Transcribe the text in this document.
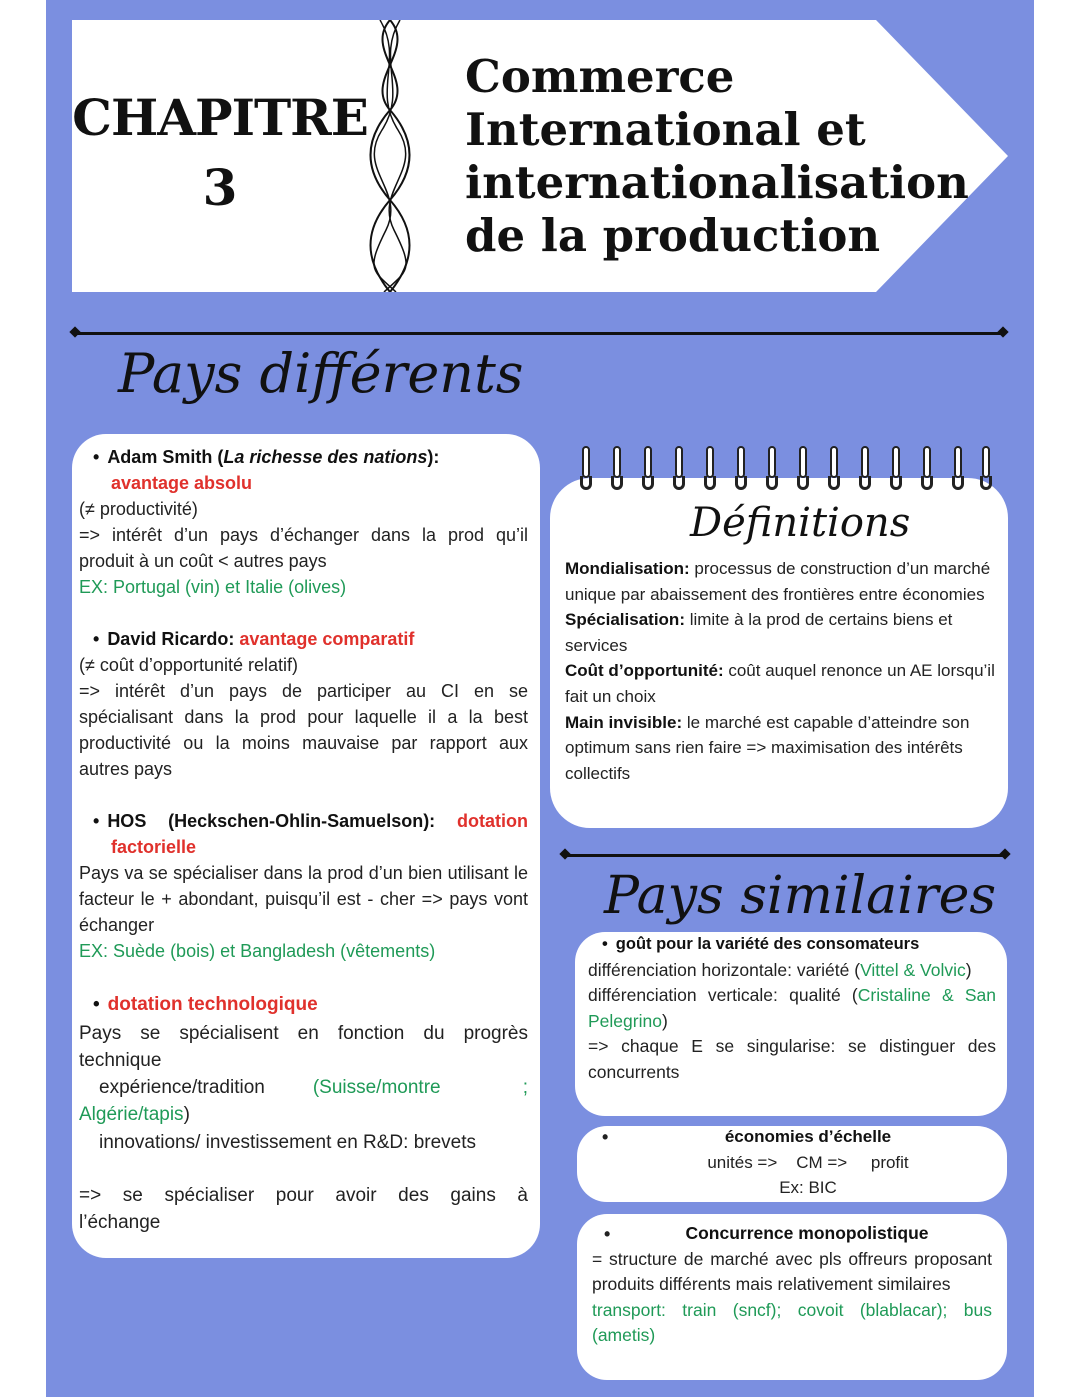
CHAPITRE
3
Commerce
International et
internationalisation
de la production
Pays différents
• Adam Smith (La richesse des nations):
avantage absolu
(≠ productivité)
=> intérêt d’un pays d’échanger dans la prod qu’il produit à un coût < autres pays
EX: Portugal (vin) et Italie (olives)
• David Ricardo: avantage comparatif
(≠ coût d’opportunité relatif)
=> intérêt d’un pays de participer au CI en se spécialisant dans la prod pour laquelle il a la best productivité ou la moins mauvaise par rapport aux autres pays
• HOS (Heckschen-Ohlin-Samuelson): dotation factorielle
Pays va se spécialiser dans la prod d’un bien utilisant le facteur le + abondant, puisqu’il est - cher => pays vont échanger
EX: Suède (bois) et Bangladesh (vêtements)
• dotation technologique
Pays se spécialisent en fonction du progrès technique
expérience/tradition	(Suisse/montre	;
Algérie/tapis)
innovations/ investissement en R&D: brevets
=> se spécialiser pour avoir des gains à l’échange
Définitions
Mondialisation: processus de construction d’un marché unique par abaissement des frontières entre économies
Spécialisation: limite à la prod de certains biens et services
Coût d’opportunité: coût auquel renonce un AE lorsqu’il fait un choix
Main invisible: le marché est capable d’atteindre son optimum sans rien faire => maximisation des intérêts collectifs
Pays similaires
• goût pour la variété des consomateurs
différenciation horizontale: variété (Vittel & Volvic)
différenciation verticale: qualité (Cristaline & San Pelegrino)
=> chaque E se singularise: se distinguer des concurrents
•	économies d’échelle
unités => CM => profit
Ex: BIC
•	Concurrence monopolistique
= structure de marché avec pls offreurs proposant produits différents mais relativement similaires
transport: train (sncf); covoit (blablacar); bus (ametis)
